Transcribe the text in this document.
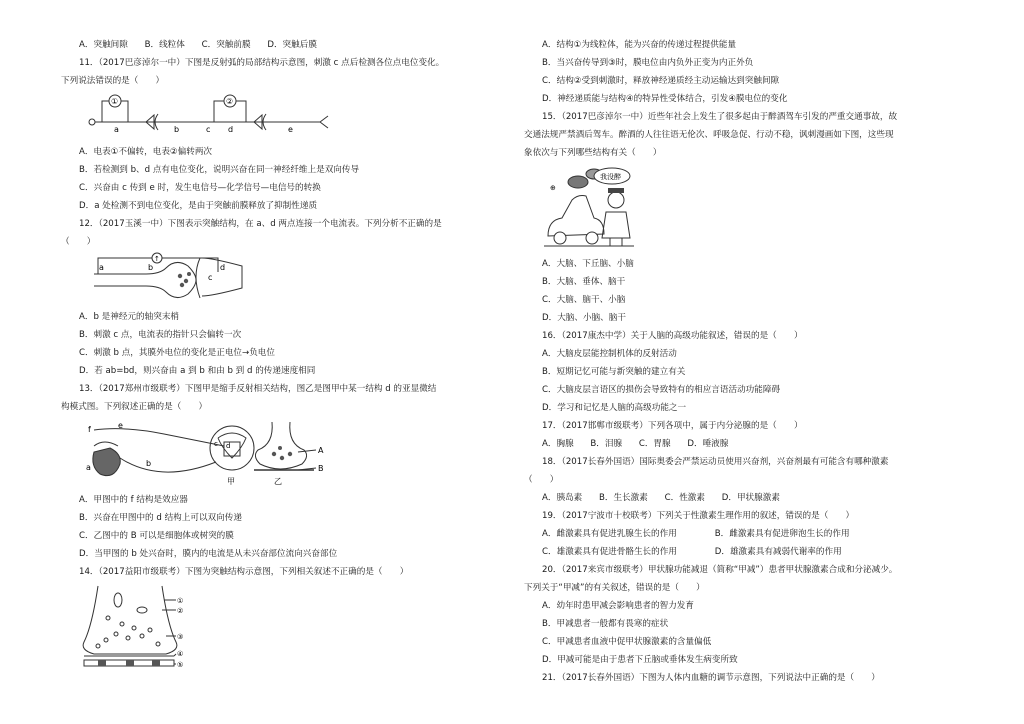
A．突触间隙 B．线粒体 C．突触前膜 D．突触后膜
11．（2017巴彦淖尔一中）下图是反射弧的局部结构示意图，刺激 c 点后检测各位点电位变化。
下列说法错误的是（　　）
①	②
a	b	c d	e
A．电表①不偏转，电表②偏转两次
B．若检测到 b、d 点有电位变化，说明兴奋在同一神经纤维上是双向传导
C．兴奋由 c 传到 e 时，发生电信号—化学信号—电信号的转换
D．a 处检测不到电位变化，是由于突触前膜释放了抑制性递质
12．（2017玉溪一中）下图表示突触结构，在 a、d 两点连接一个电流表。下列分析不正确的是
（　　）
↑
a	b
c
d
A．b 是神经元的轴突末梢
B．刺激 c 点，电流表的指针只会偏转一次
C．刺激 b 点，其膜外电位的变化是正电位→负电位
D．若 ab=bd，则兴奋由 a 到 b 和由 b 到 d 的传递速度相同
13．（2017郑州市级联考）下图甲是缩手反射相关结构，图乙是图甲中某一结构 d 的亚显微结
构模式图。下列叙述正确的是（　　）
f	e
a	b
d
c
甲
A
B
乙
A．甲图中的 f 结构是效应器
B．兴奋在甲图中的 d 结构上可以双向传递
C．乙图中的 B 可以是细胞体或树突的膜
D．当甲图的 b 处兴奋时，膜内的电流是从未兴奋部位流向兴奋部位
14．（2017益阳市级联考）下图为突触结构示意图，下列相关叙述不正确的是（　　）
①
②
③
④
⑤
A．结构①为线粒体，能为兴奋的传递过程提供能量
B．当兴奋传导到③时，膜电位由内负外正变为内正外负
C．结构②受到刺激时，释放神经递质经主动运输达到突触间隙
D．神经递质能与结构④的特异性受体结合，引发④膜电位的变化
15．（2017巴彦淖尔一中）近些年社会上发生了很多起由于醉酒驾车引发的严重交通事故，故
交通法规严禁酒后驾车。醉酒的人往往语无伦次、呼吸急促、行动不稳，讽刺漫画如下图，这些现
象依次与下列哪些结构有关（　　）
⊕
我没醉
A．大脑、下丘脑、小脑
B．大脑、垂体、脑干
C．大脑、脑干、小脑
D．大脑、小脑、脑干
16．（2017康杰中学）关于人脑的高级功能叙述，错误的是（　　）
A．大脑皮层能控制机体的反射活动
B．短期记忆可能与新突触的建立有关
C．大脑皮层言语区的损伤会导致特有的相应言语活动功能障碍
D．学习和记忆是人脑的高级功能之一
17．（2017邯郸市级联考）下列各项中，属于内分泌腺的是（　　）
A．胸腺 B．泪腺 C．胃腺 D．唾液腺
18．（2017长春外国语）国际奥委会严禁运动员使用兴奋剂，兴奋剂最有可能含有哪种激素
（　　）
A．胰岛素 B．生长激素 C．性激素 D．甲状腺激素
19．（2017宁波市十校联考）下列关于性激素生理作用的叙述，错误的是（　　）
A．雌激素具有促进乳腺生长的作用	B．雌激素具有促进卵泡生长的作用
C．雄激素具有促进骨骼生长的作用	D．雄激素具有减弱代谢率的作用
20．（2017来宾市级联考）甲状腺功能减退（简称“甲减”）患者甲状腺激素合成和分泌减少。
下列关于“甲减”的有关叙述，错误的是（　　）
A．幼年时患甲减会影响患者的智力发育
B．甲减患者一般都有畏寒的症状
C．甲减患者血液中促甲状腺激素的含量偏低
D．甲减可能是由于患者下丘脑或垂体发生病变所致
21．（2017长春外国语）下图为人体内血糖的调节示意图，下列说法中正确的是（　　）
